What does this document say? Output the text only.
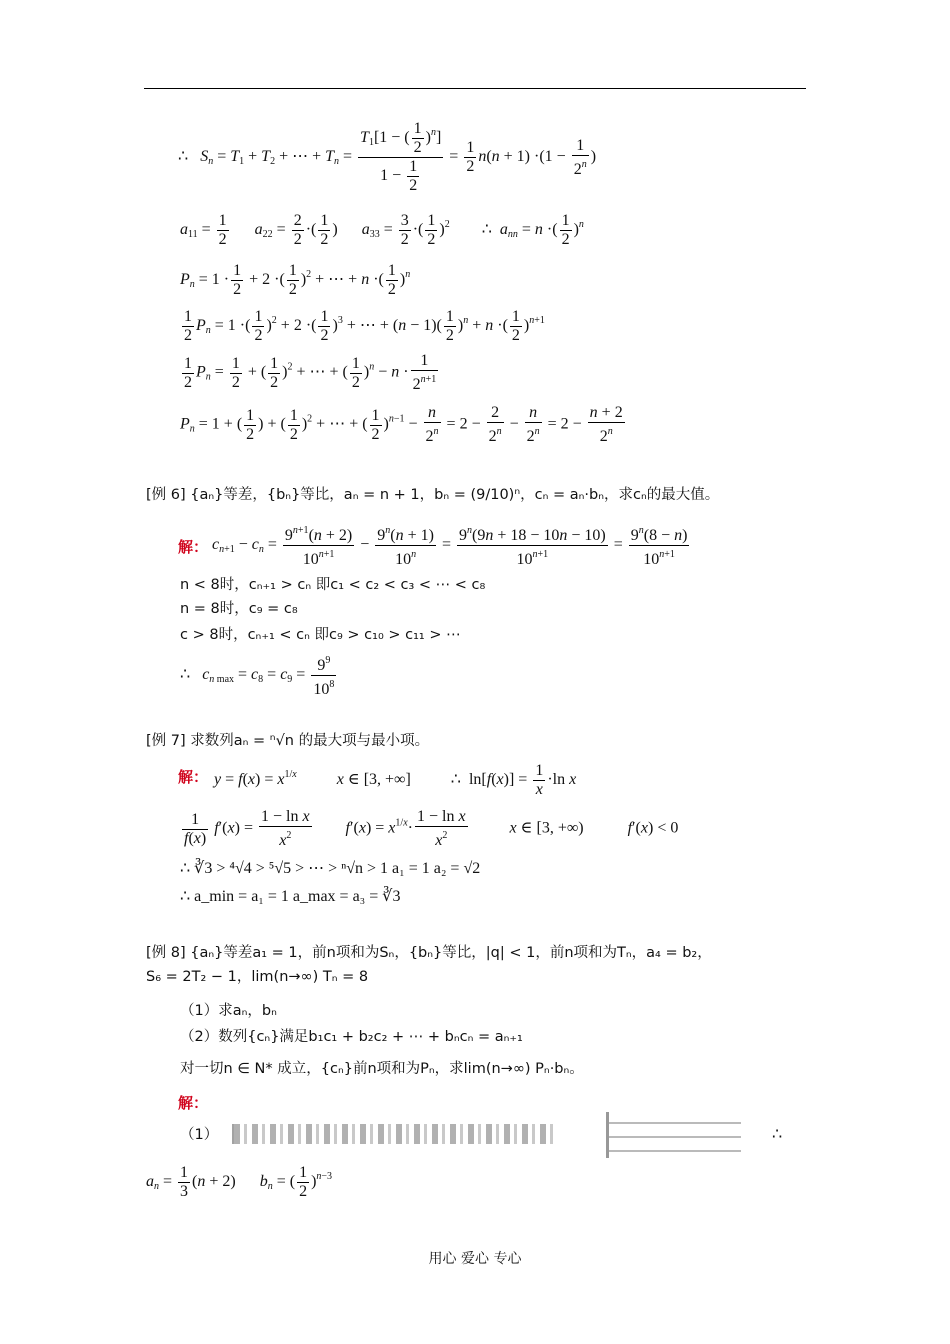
∴   $S_n = T_1 + T_2$ + ⋯ + $T_n = \frac{T_1[1 - ( \frac{1}{2} )^n]}{1 - \frac{1}{2}} = \frac{1}{2} n(n + 1) \cdot(1 - \frac{1}{2^n}$ )
$a_{11} = \frac{1}{2} a_{22} = \frac{2}{2}$ ·( $\frac{1}{2}$ )      $a_{33} = \frac{3}{2}$ ·( $\frac{1}{2} )^2$        ∴  $a_{nn} = n$ ·( $\frac{1}{2} )^n$
$P_n = 1 \cdot \frac{1}{2} + 2$ ·( $\frac{1}{2} )^2$ + ⋯ + n ·( $\frac{1}{2} )^n$
$\frac{1}{2} P_n = 1$ ·( $\frac{1}{2} )^2 + 2$ ·( $\frac{1}{2} )^3$ + ⋯ + $(n - 1)( \frac{1}{2} )^n + n$ ·( $\frac{1}{2} )^{n+1}$
$\frac{1}{2} P_n = \frac{1}{2}$ + ( $\frac{1}{2} )^2$ + ⋯ + ( $\frac{1}{2} )^n - n \cdot \frac{1}{2^{n+1}}$
$P_n = 1$ + ( $\frac{1}{2}$ ) + ( $\frac{1}{2} )^2$ + ⋯ + ( $\frac{1}{2} )^{n-1} - \frac{n}{2^n} = 2 - \frac{2}{2^n} - \frac{n}{2^n} = 2 - \frac{n + 2}{2^n}$
[例 6] {aₙ}等差，{bₙ}等比，aₙ = n + 1，bₙ = (9/10)ⁿ，cₙ = aₙ·bₙ，求cₙ的最大值。
解： $c_{n+1} - c_n = \frac{9^{n+1}(n + 2)}{10^{n+1}} - \frac{9^n(n + 1)}{10^n} = \frac{9^n(9n + 18 - 10n - 10)}{10^{n+1}} = \frac{9^n(8 - n)}{10^{n+1}}$
n < 8时，cₙ₊₁ > cₙ 即c₁ < c₂ < c₃ < ⋯ < c₈
n = 8时，c₉ = c₈
c > 8时，cₙ₊₁ < cₙ 即c₉ > c₁₀ > c₁₁ > ⋯
∴   $c_{n max} = c_8 = c_9 = \frac{9^9}{10^8}$
[例 7] 求数列aₙ = ⁿ√n 的最大项与最小项。
解： $y = f(x) = x^{1/x}$	x ∈ [3, +∞]          ∴  $\ln[f(x)] = \frac{1}{x} \cdot\ln$ x
$\frac{1}{f(x)} f'(x) = \frac{\text{1 − ln x}}{x^2} f'(x) = x^{1/x}\cdot \frac{\text{1 − ln x}}{x^2}$	x ∈ [3, +∞)           f′(x) < 0
∴ ∛3 > ⁴√4 > ⁵√5 > ⋯ > ⁿ√n > 1 a₁ = 1 a₂ = √2
∴ a_min = a₁ = 1 a_max = a₃ = ∛3
[例 8] {aₙ}等差a₁ = 1，前n项和为Sₙ，{bₙ}等比，|q| < 1，前n项和为Tₙ，a₄ = b₂，
S₆ = 2T₂ − 1，lim(n→∞) Tₙ = 8
（1）求aₙ，bₙ
（2）数列{cₙ}满足b₁c₁ + b₂c₂ + ⋯ + bₙcₙ = aₙ₊₁
对一切n ∈ N* 成立，{cₙ}前n项和为Pₙ，求lim(n→∞) Pₙ·bₙ。
解：
（1）	∴
$a_n = \frac{1}{3} (n + 2)$      $b_n$ = ( $\frac{1}{2} )^{n-3}$
用心 爱心 专心
